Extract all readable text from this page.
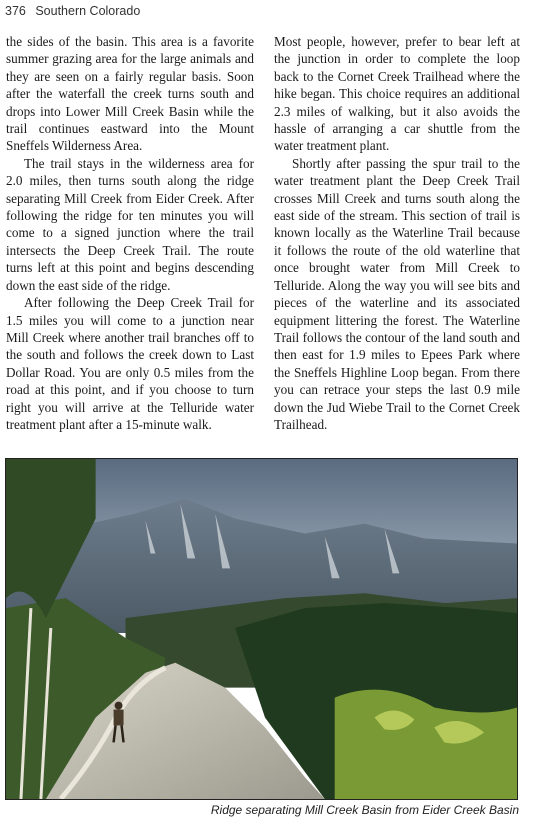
376 Southern Colorado

the sides of the basin. This area is a favorite summer grazing area for the large animals and they are seen on a fairly regular basis. Soon after the waterfall the creek turns south and drops into Lower Mill Creek Basin while the trail continues eastward into the Mount Sneffels Wilderness Area.

The trail stays in the wilderness area for 2.0 miles, then turns south along the ridge separating Mill Creek from Eider Creek. After following the ridge for ten minutes you will come to a signed junction where the trail intersects the Deep Creek Trail. The route turns left at this point and begins descending down the east side of the ridge.

After following the Deep Creek Trail for 1.5 miles you will come to a junction near Mill Creek where another trail branches off to the south and follows the creek down to Last Dollar Road. You are only 0.5 miles from the road at this point, and if you choose to turn right you will arrive at the Telluride water treatment plant after a 15-minute walk.

Most people, however, prefer to bear left at the junction in order to complete the loop back to the Cornet Creek Trailhead where the hike began. This choice requires an additional 2.3 miles of walking, but it also avoids the hassle of arranging a car shuttle from the water treatment plant.

Shortly after passing the spur trail to the water treatment plant the Deep Creek Trail crosses Mill Creek and turns south along the east side of the stream. This section of trail is known locally as the Waterline Trail because it follows the route of the old waterline that once brought water from Mill Creek to Telluride. Along the way you will see bits and pieces of the waterline and its associated equipment littering the forest. The Waterline Trail follows the contour of the land south and then east for 1.9 miles to Epees Park where the Sneffels Highline Loop began. From there you can retrace your steps the last 0.9 mile down the Jud Wiebe Trail to the Cornet Creek Trailhead.

Ridge separating Mill Creek Basin from Eider Creek Basin
